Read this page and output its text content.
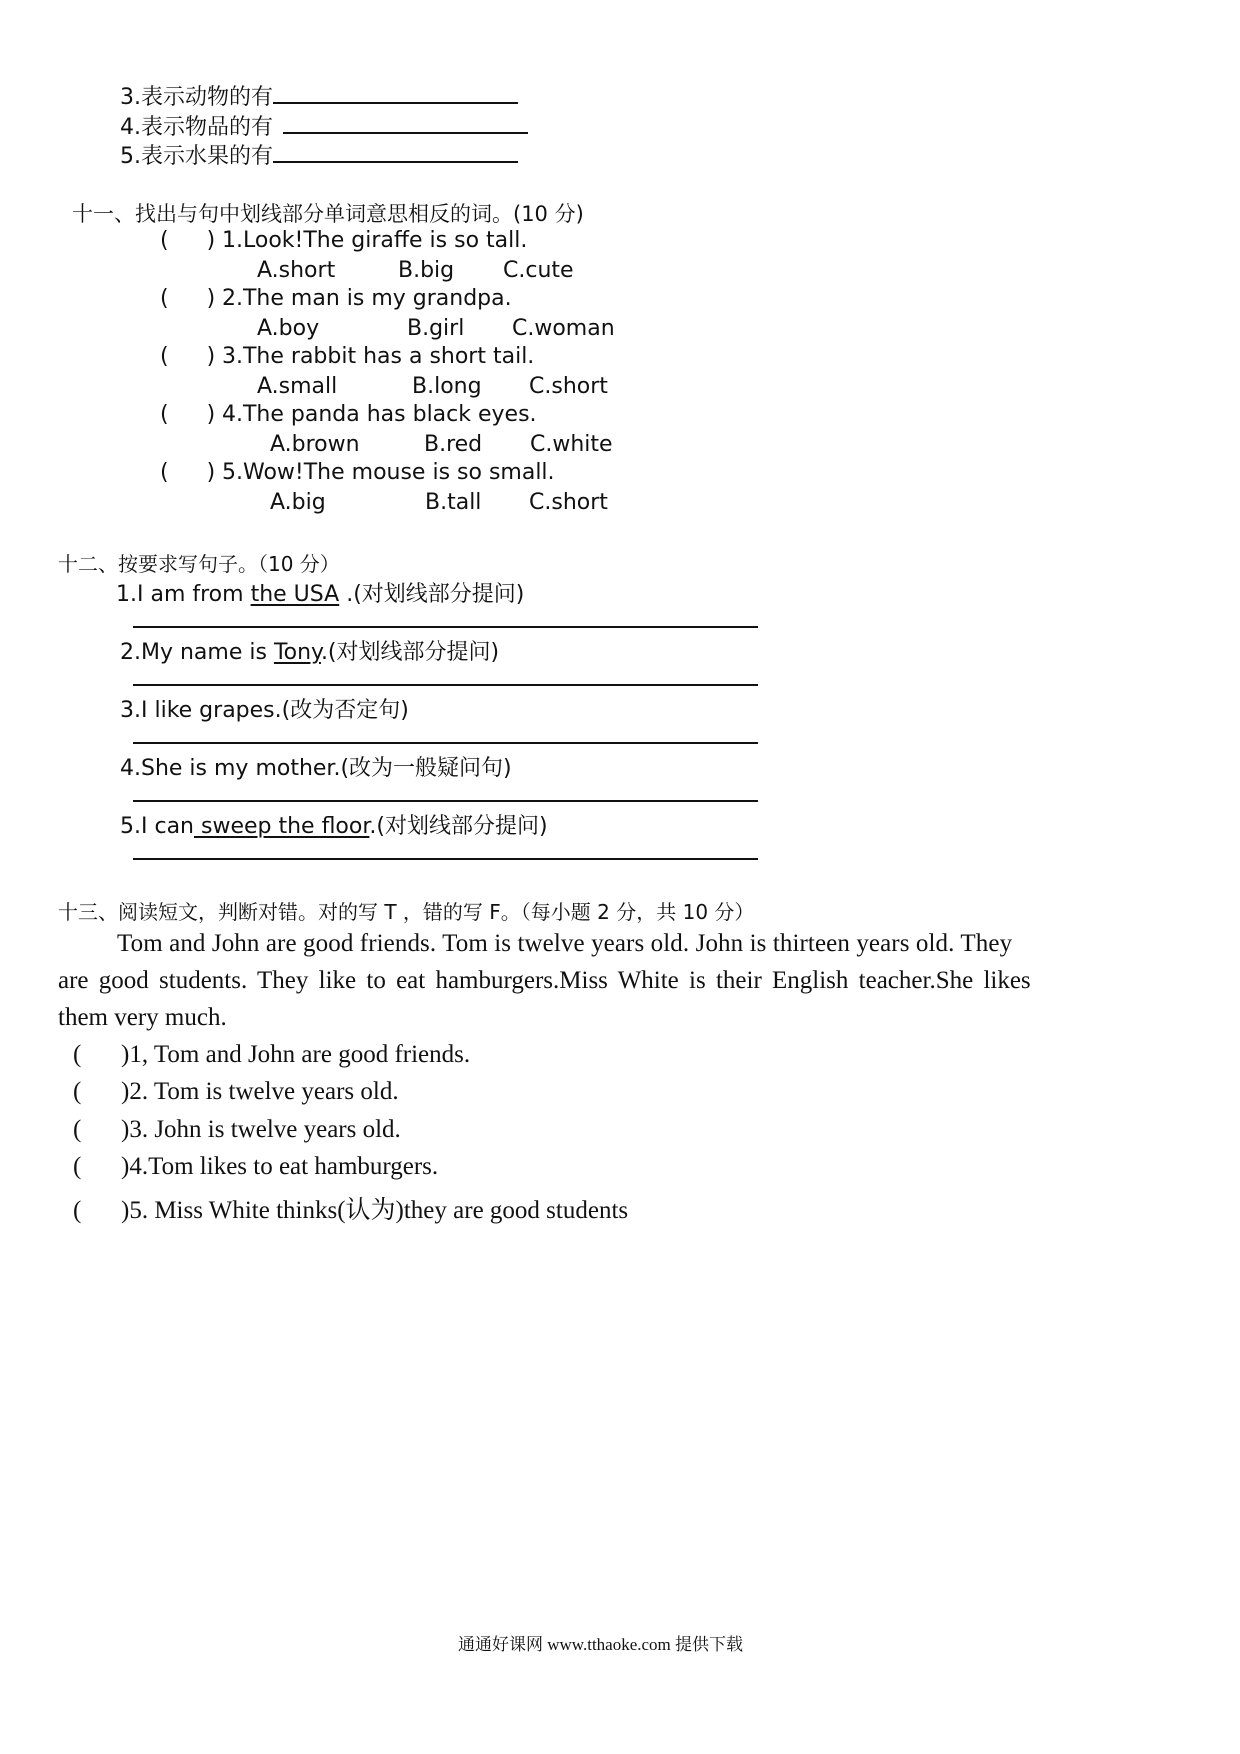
3.表示动物的有
4.表示物品的有
5.表示水果的有
十一、找出与句中划线部分单词意思相反的词。(10 分)
( ) 1.Look!The giraffe is so tall.
A.short	B.big C.cute
( ) 2.The man is my grandpa.
A.boy	B.girl C.woman
( ) 3.The rabbit has a short tail.
A.small	B.long C.short
( ) 4.The panda has black eyes.
A.brown	B.red C.white
( ) 5.Wow!The mouse is so small.
A.big	B.tall C.short
十二、按要求写句子。（10 分）
1.I am from the USA .(对划线部分提问)
2.My name is Tony.(对划线部分提问)
3.I like grapes.(改为否定句)
4.She is my mother.(改为一般疑问句)
5.I can sweep the floor.(对划线部分提问)
十三、阅读短文，判断对错。对的写 T ，错的写 F。（每小题 2 分，共 10 分）
Tom and John are good friends. Tom is twelve years old. John is thirteen years old. They
are good students. They like to eat hamburgers.Miss White is their English teacher.She likes
them very much.
( )1, Tom and John are good friends.
( )2. Tom is twelve years old.
( )3. John is twelve years old.
( )4.Tom likes to eat hamburgers.
( )5. Miss White thinks(认为)they are good students
通通好课网 www.tthaoke.com 提供下载
